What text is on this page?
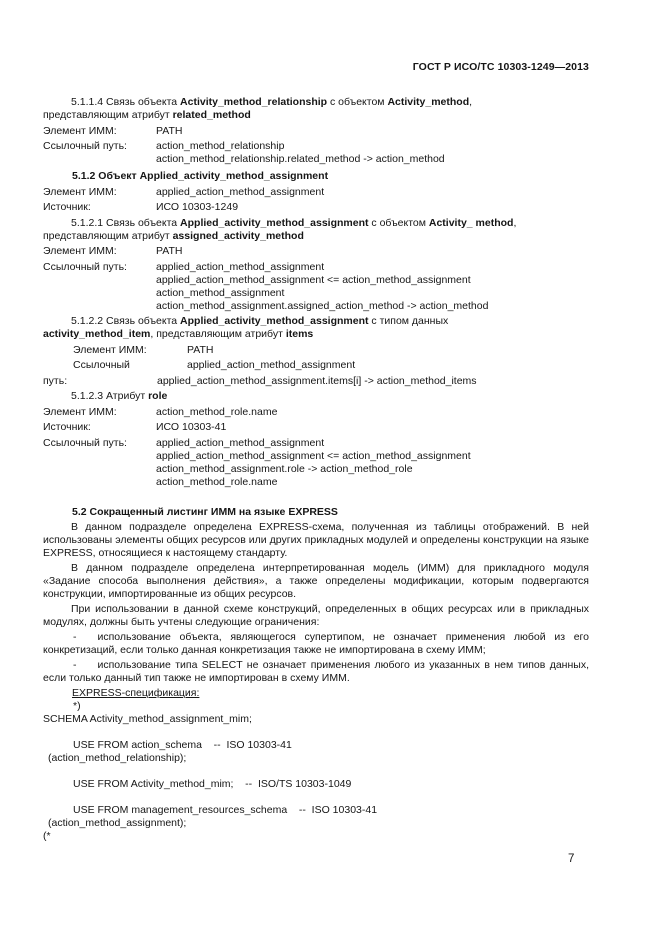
ГОСТ Р ИСО/ТС 10303-1249—2013
5.1.1.4 Связь объекта Activity_method_relationship с объектом Activity_method,
представляющим атрибут related_method
Элемент ИММ:	PATH
Ссылочный путь:	action_method_relationship
action_method_relationship.related_method -> action_method
5.1.2 Объект Applied_activity_method_assignment
Элемент ИММ:	applied_action_method_assignment
Источник:	ИСО 10303-1249
5.1.2.1 Связь объекта Applied_activity_method_assignment с объектом Activity_ method,
представляющим атрибут assigned_activity_method
Элемент ИММ:	PATH
Ссылочный путь:	applied_action_method_assignment
applied_action_method_assignment <= action_method_assignment
action_method_assignment
action_method_assignment.assigned_action_method -> action_method
5.1.2.2 Связь объекта Applied_activity_method_assignment с типом данных
activity_method_item, представляющим атрибут items
Элемент ИММ:	PATH
Ссылочный	applied_action_method_assignment
путь:	applied_action_method_assignment.items[i] -> action_method_items
5.1.2.3 Атрибут role
Элемент ИММ:	action_method_role.name
Источник:	ИСО 10303-41
Ссылочный путь:	applied_action_method_assignment
applied_action_method_assignment <= action_method_assignment
action_method_assignment.role -> action_method_role
action_method_role.name
5.2 Сокращенный листинг ИММ на языке EXPRESS
В данном подразделе определена EXPRESS-схема, полученная из таблицы отображений. В ней использованы элементы общих ресурсов или других прикладных модулей и определены конструкции на языке EXPRESS, относящиеся к настоящему стандарту.
В данном подразделе определена интерпретированная модель (ИММ) для прикладного модуля «Задание способа выполнения действия», а также определены модификации, которым подвергаются конструкции, импортированные из общих ресурсов.
При использовании в данной схеме конструкций, определенных в общих ресурсах или в прикладных модулях, должны быть учтены следующие ограничения:
- использование объекта, являющегося супертипом, не означает применения любой из его конкретизаций, если только данная конкретизация также не импортирована в схему ИММ;
- использование типа SELECT не означает применения любого из указанных в нем типов данных, если только данный тип также не импортирован в схему ИММ.
EXPRESS-спецификация:
*)
SCHEMA Activity_method_assignment_mim;
USE FROM action_schema    --  ISO 10303-41
(action_method_relationship);
USE FROM Activity_method_mim;    --  ISO/TS 10303-1049
USE FROM management_resources_schema    --  ISO 10303-41
(action_method_assignment);
(*
7
